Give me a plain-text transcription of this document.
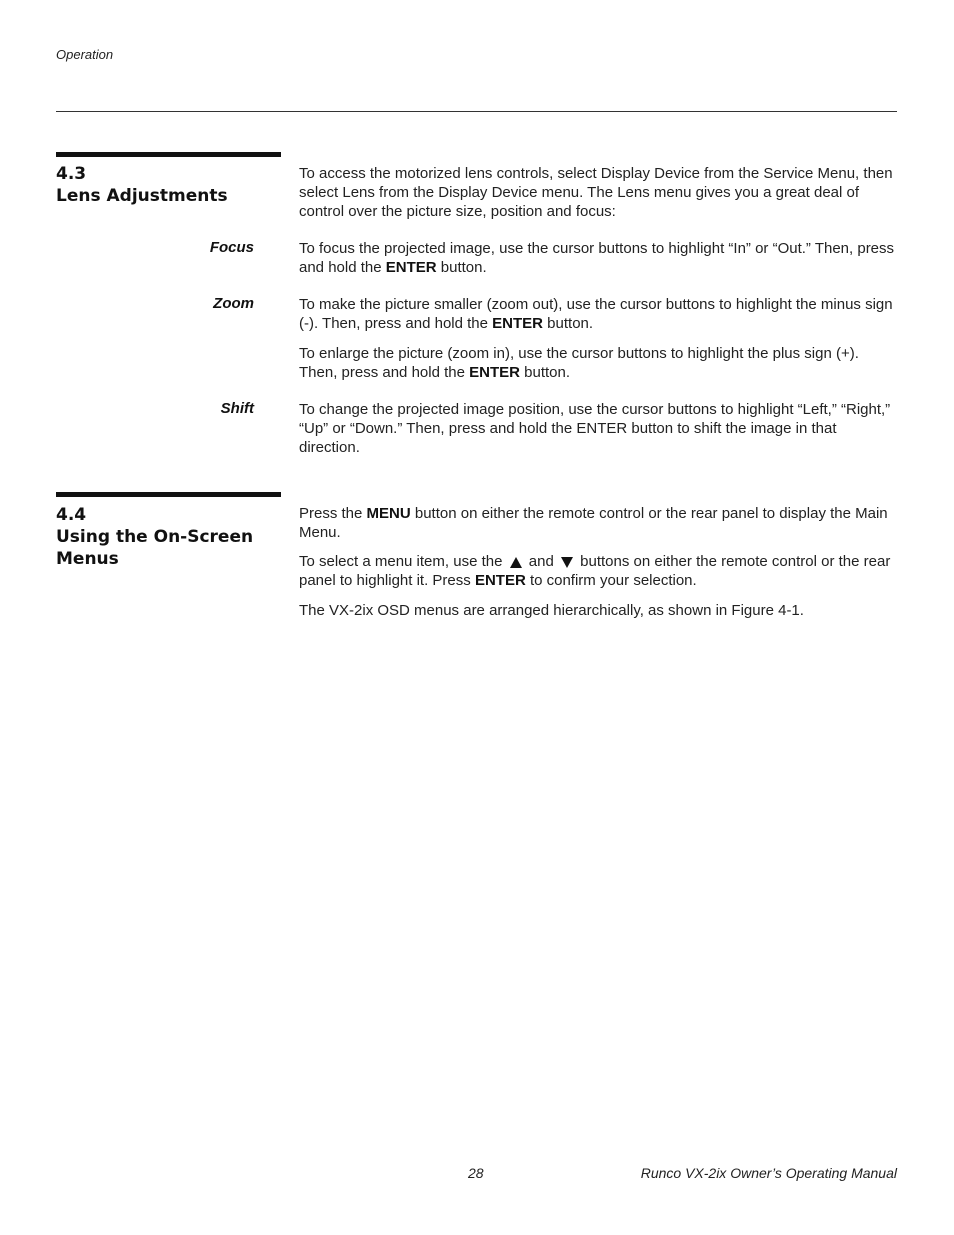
Operation
4.3
Lens Adjustments

To access the motorized lens controls, select Display Device from the Service Menu, then select Lens from the Display Device menu. The Lens menu gives you a great deal of control over the picture size, position and focus:

Focus	To focus the projected image, use the cursor buttons to highlight “In” or “Out.” Then, press and hold the ENTER button.

Zoom	To make the picture smaller (zoom out), use the cursor buttons to highlight the minus sign (-). Then, press and hold the ENTER button.

To enlarge the picture (zoom in), use the cursor buttons to highlight the plus sign (+). Then, press and hold the ENTER button.

Shift	To change the projected image position, use the cursor buttons to highlight “Left,” “Right,” “Up” or “Down.” Then, press and hold the ENTER button to shift the image in that direction.

4.4
Using the On-Screen
Menus

Press the MENU button on either the remote control or the rear panel to display the Main Menu.

To select a menu item, use the  and  buttons on either the remote control or the rear panel to highlight it. Press ENTER to confirm your selection.

The VX-2ix OSD menus are arranged hierarchically, as shown in Figure 4-1.

28	Runco VX-2ix Owner’s Operating Manual
